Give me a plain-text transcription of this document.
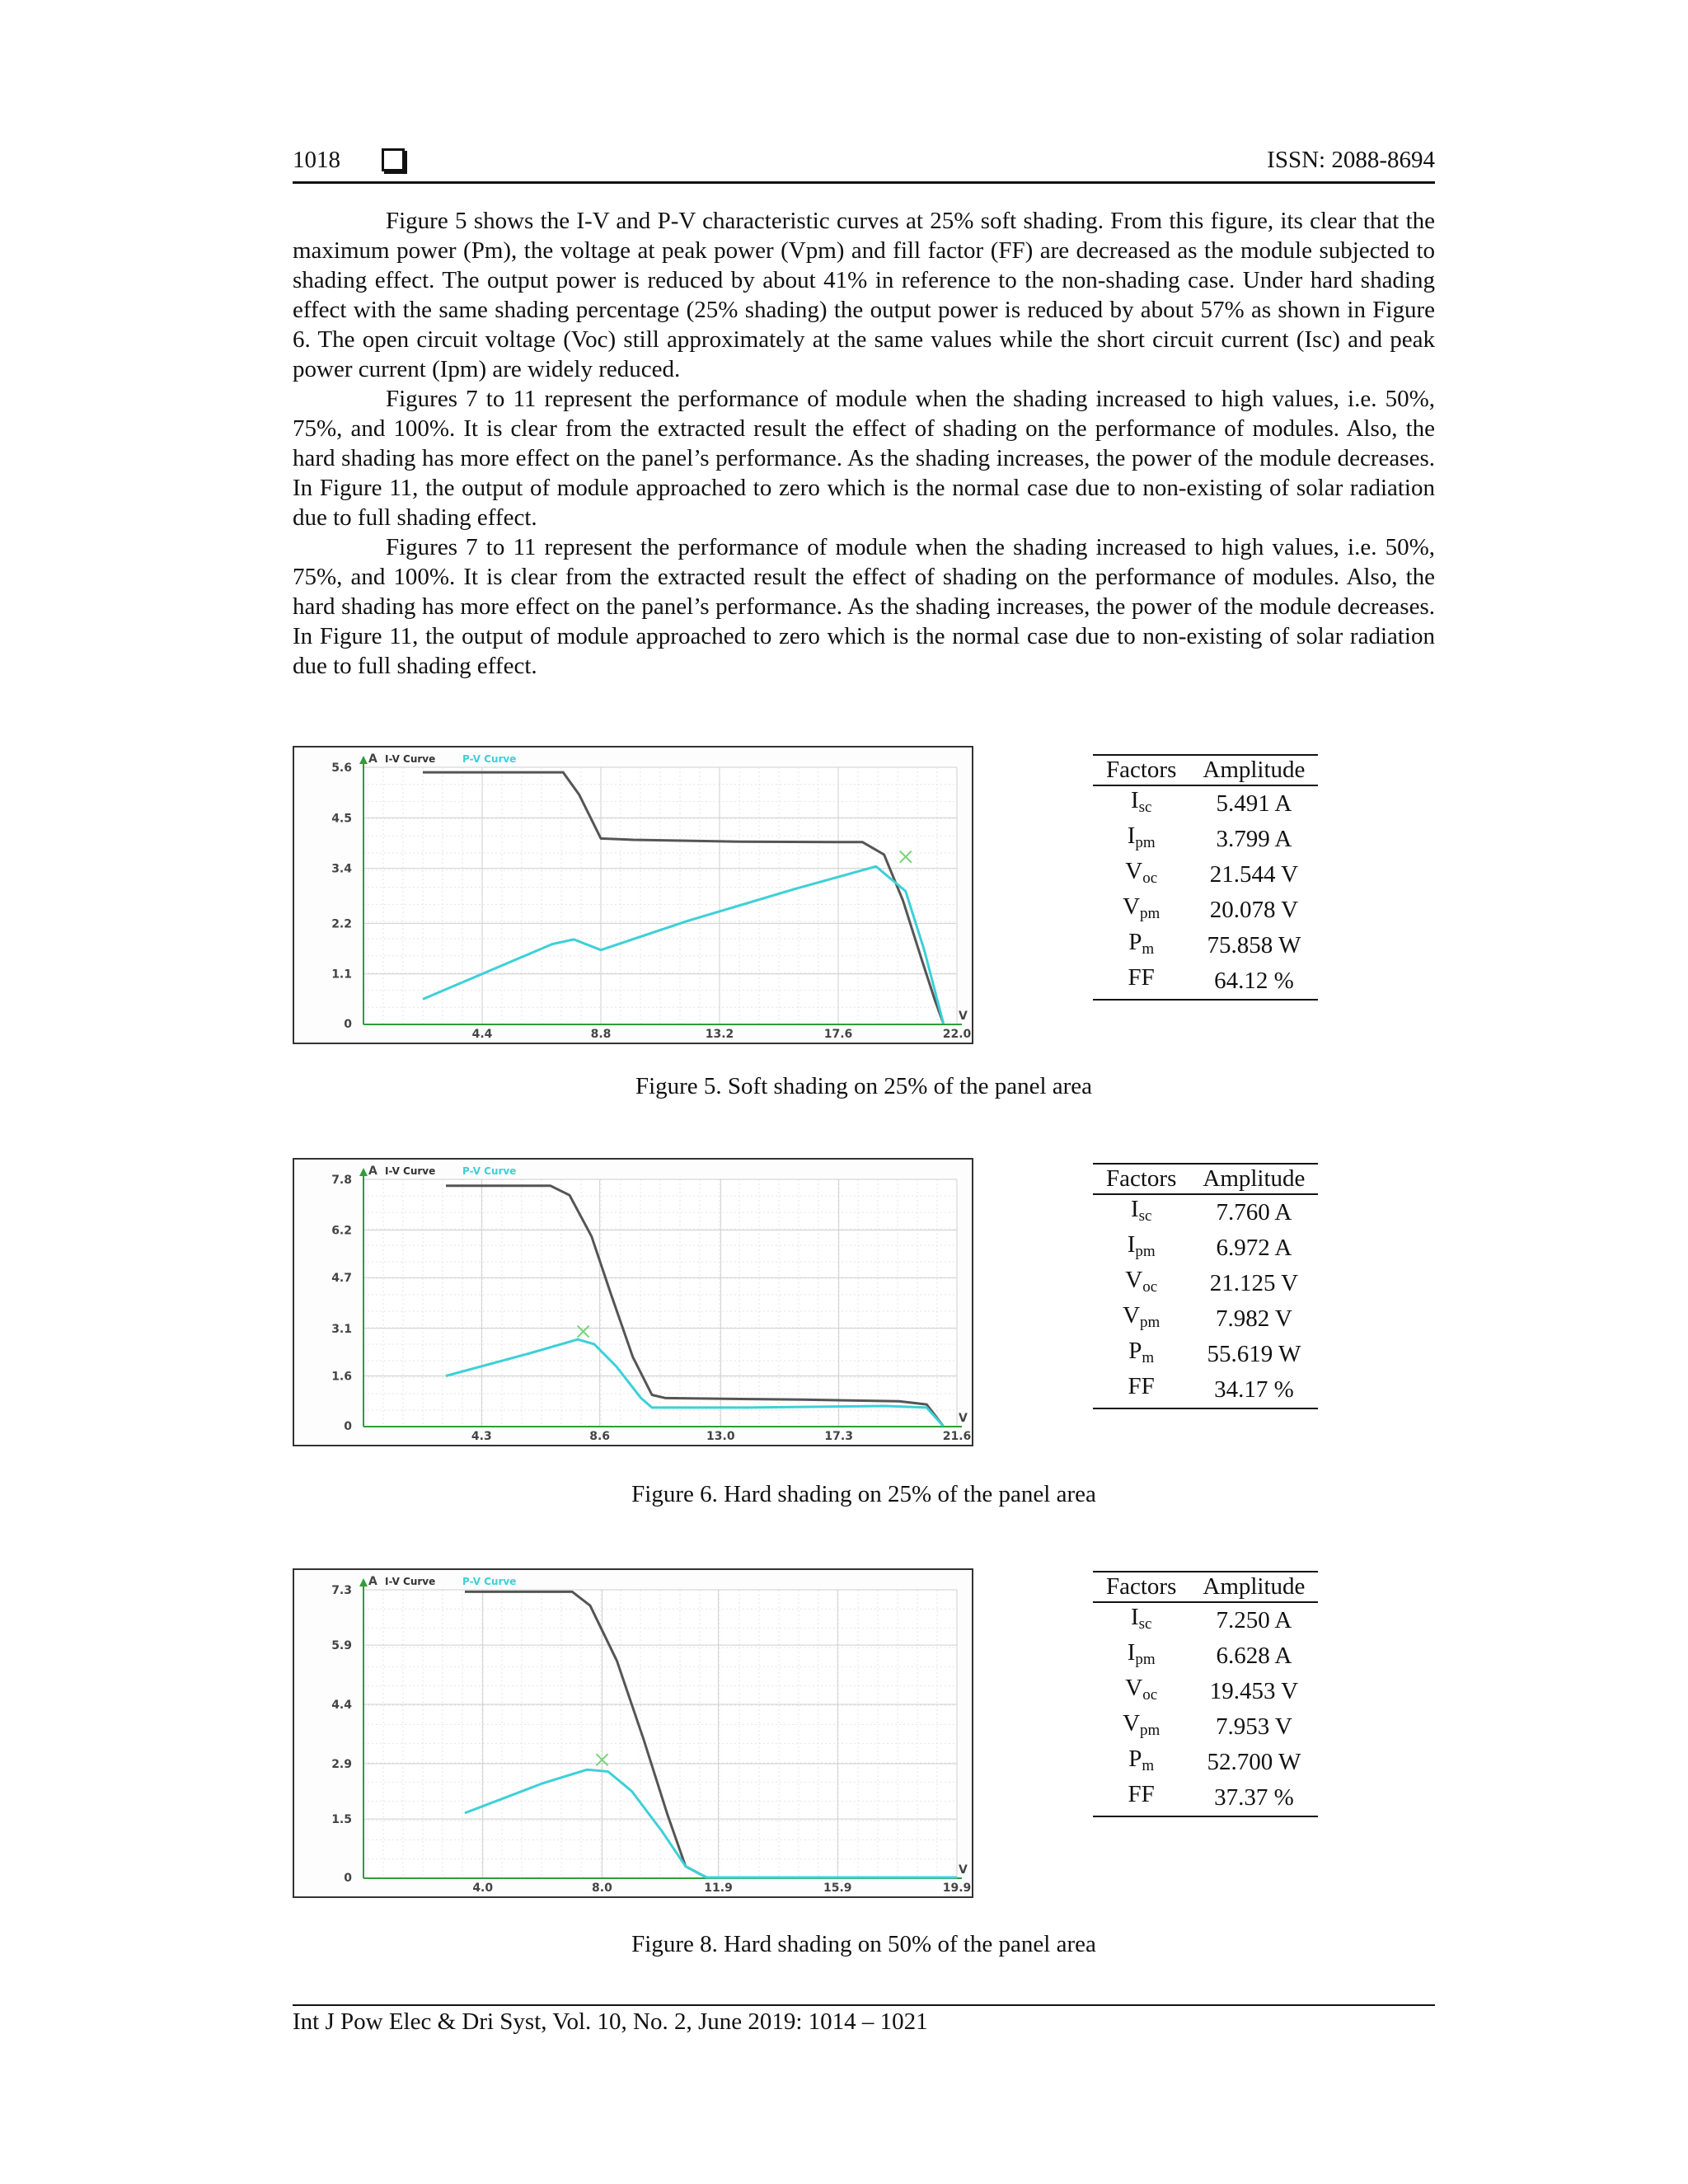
1018	ISSN: 2088-8694

Figure 5 shows the I-V and P-V characteristic curves at 25% soft shading. From this figure, its clear that the maximum power (Pm), the voltage at peak power (Vpm) and fill factor (FF) are decreased as the module subjected to shading effect. The output power is reduced by about 41% in reference to the non-shading case. Under hard shading effect with the same shading percentage (25% shading) the output power is reduced by about 57% as shown in Figure 6. The open circuit voltage (Voc) still approximately at the same values while the short circuit current (Isc) and peak power current (Ipm) are widely reduced.

Figures 7 to 11 represent the performance of module when the shading increased to high values, i.e. 50%, 75%, and 100%. It is clear from the extracted result the effect of shading on the performance of modules. Also, the hard shading has more effect on the panel’s performance. As the shading increases, the power of the module decreases. In Figure 11, the output of module approached to zero which is the normal case due to non-existing of solar radiation due to full shading effect.

Figures 7 to 11 represent the performance of module when the shading increased to high values, i.e. 50%, 75%, and 100%. It is clear from the extracted result the effect of shading on the performance of modules. Also, the hard shading has more effect on the panel’s performance. As the shading increases, the power of the module decreases. In Figure 11, the output of module approached to zero which is the normal case due to non-existing of solar radiation due to full shading effect.

4.4	8.8	13.2	17.6	22.0
1.1
2.2
3.4
4.5
5.6
0
A
V
I-V Curve	P-V Curve	Factors	Amplitude
$I_{sc}$	5.491 A
$I_{pm}$	3.799 A
$V_{oc}$	21.544 V
$V_{pm}$	20.078 V
$P_m$	75.858 W
FF	64.12 %
Figure 5. Soft shading on 25% of the panel area
4.3	8.6	13.0	17.3	21.6
1.6
3.1
4.7
6.2
7.8
0
A
V
I-V Curve	P-V Curve	Factors	Amplitude
$I_{sc}$	7.760 A
$I_{pm}$	6.972 A
$V_{oc}$	21.125 V
$V_{pm}$	7.982 V
$P_m$	55.619 W
FF	34.17 %
Figure 6. Hard shading on 25% of the panel area
4.0	8.0	11.9	15.9	19.9
1.5
2.9
4.4
5.9
7.3
0
A
V
I-V Curve	P-V Curve	Factors	Amplitude
$I_{sc}$	7.250 A
$I_{pm}$	6.628 A
$V_{oc}$	19.453 V
$V_{pm}$	7.953 V
$P_m$	52.700 W
FF	37.37 %
Figure 8. Hard shading on 50% of the panel area
Int J Pow Elec & Dri Syst, Vol. 10, No. 2, June 2019: 1014 – 1021
